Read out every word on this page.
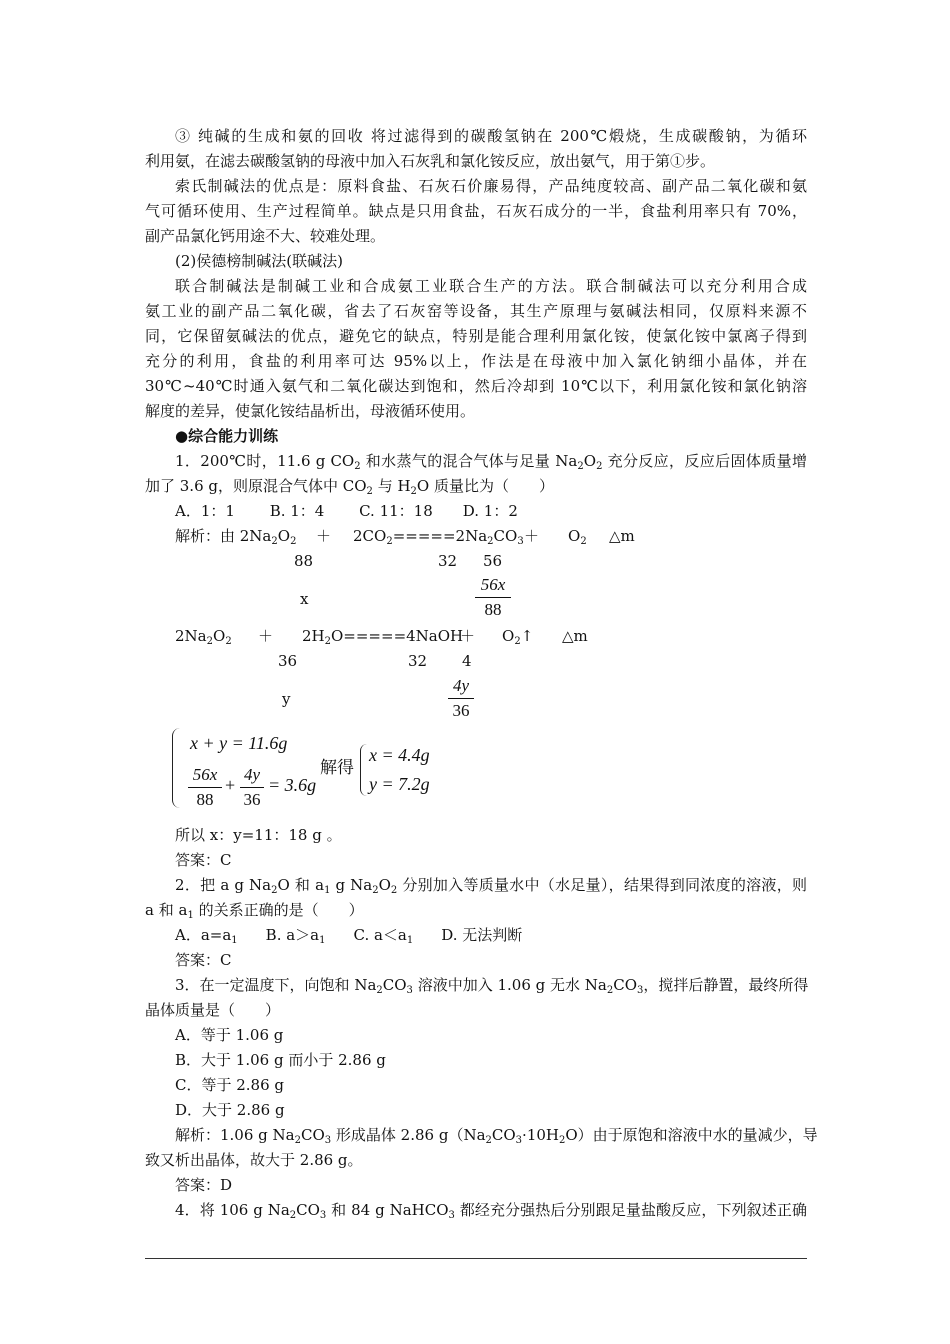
③ 纯碱的生成和氨的回收 将过滤得到的碳酸氢钠在 200℃煅烧，生成碳酸钠，为循环
利用氨，在滤去碳酸氢钠的母液中加入石灰乳和氯化铵反应，放出氨气，用于第①步。
索氏制碱法的优点是：原料食盐、石灰石价廉易得，产品纯度较高、副产品二氧化碳和氨
气可循环使用、生产过程简单。缺点是只用食盐，石灰石成分的一半，食盐利用率只有 70%，
副产品氯化钙用途不大、较难处理。
(2)侯德榜制碱法(联碱法)
联合制碱法是制碱工业和合成氨工业联合生产的方法。联合制碱法可以充分利用合成
氨工业的副产品二氧化碳，省去了石灰窑等设备，其生产原理与氨碱法相同，仅原料来源不
同，它保留氨碱法的优点，避免它的缺点，特别是能合理利用氯化铵，使氯化铵中氯离子得到
充分的利用，食盐的利用率可达 95%以上，作法是在母液中加入氯化钠细小晶体，并在
30℃~40℃时通入氨气和二氧化碳达到饱和，然后冷却到 10℃以下，利用氯化铵和氯化钠溶
解度的差异，使氯化铵结晶析出，母液循环使用。
●综合能力训练
1．200℃时，11.6 g $CO_2$ 和水蒸气的混合气体与足量 $Na_2O_2$ 充分反应，反应后固体质量增
加了 3.6 g，则原混合气体中 $CO_2$ 与 $H_2O$ 质量比为（　　）
A．1：1　　 B. 1：4　　 C. 11：18　　D. 1：2
解析：由 $2Na_2O_2 + 2CO_2=====2Na_2CO_3 + O_2$ △m
88	32 56
x
56x
88
$2Na_2O_2$ ＋ $2H_2O=====4NaOH$
＋ $O_2↑$ △m
36	32 4
y
4y
36
x + y = 11.6g
56x
88
+
4y
36
= 3.6g
解得
x = 4.4g
y = 7.2g
所以 x：y=11：18 g 。
答案：C
2．把 a g $Na_2O$ 和 $a_1$ g $Na_2O_2$ 分别加入等质量水中（水足量），结果得到同浓度的溶液，则
a 和 $a_1$ 的关系正确的是（　　）
A．$a=a_1$ B. $a>a_1$ C. $a<a_1$ D. 无法判断
答案：C
3．在一定温度下，向饱和 $Na_2CO_3$ 溶液中加入 1.06 g 无水 $Na_2CO_3$，搅拌后静置，最终所得
晶体质量是（　　）
A．等于 1.06 g
B．大于 1.06 g 而小于 2.86 g
C．等于 2.86 g
D．大于 2.86 g
解析：1.06 g $Na_2CO_3$ 形成晶体 2.86 $g(Na_2CO_3\cdot 10H_2O)$由于原饱和溶液中水的量减少，导
致又析出晶体，故大于 2.86 g。
答案：D
4．将 106 g $Na_2CO_3$ 和 84 g NaHCO$_3$ 都经充分强热后分别跟足量盐酸反应，下列叙述正确
